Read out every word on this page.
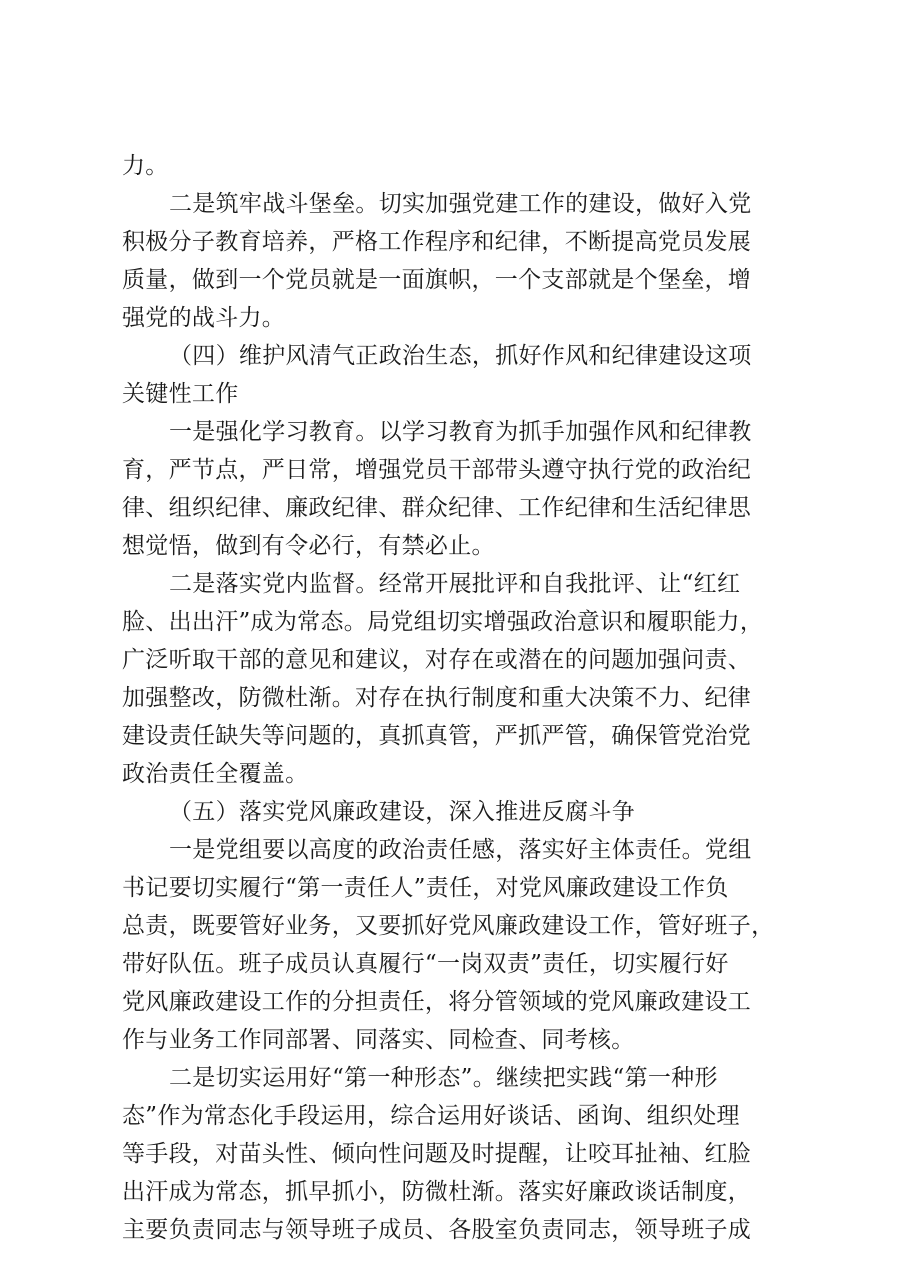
力。
二是筑牢战斗堡垒。切实加强党建工作的建设，做好入党
积极分子教育培养，严格工作程序和纪律，不断提高党员发展
质量，做到一个党员就是一面旗帜，一个支部就是个堡垒，增
强党的战斗力。
（四）维护风清气正政治生态，抓好作风和纪律建设这项
关键性工作
一是强化学习教育。以学习教育为抓手加强作风和纪律教
育，严节点，严日常，增强党员干部带头遵守执行党的政治纪
律、组织纪律、廉政纪律、群众纪律、工作纪律和生活纪律思
想觉悟，做到有令必行，有禁必止。
二是落实党内监督。经常开展批评和自我批评、让“红红
脸、出出汗”成为常态。局党组切实增强政治意识和履职能力，
广泛听取干部的意见和建议，对存在或潜在的问题加强问责、
加强整改，防微杜渐。对存在执行制度和重大决策不力、纪律
建设责任缺失等问题的，真抓真管，严抓严管，确保管党治党
政治责任全覆盖。
（五）落实党风廉政建设，深入推进反腐斗争
一是党组要以高度的政治责任感，落实好主体责任。党组
书记要切实履行“第一责任人”责任，对党风廉政建设工作负
总责，既要管好业务，又要抓好党风廉政建设工作，管好班子，
带好队伍。班子成员认真履行“一岗双责”责任，切实履行好
党风廉政建设工作的分担责任，将分管领域的党风廉政建设工
作与业务工作同部署、同落实、同检查、同考核。
二是切实运用好“第一种形态”。继续把实践“第一种形
态”作为常态化手段运用，综合运用好谈话、函询、组织处理
等手段，对苗头性、倾向性问题及时提醒，让咬耳扯袖、红脸
出汗成为常态，抓早抓小，防微杜渐。落实好廉政谈话制度，
主要负责同志与领导班子成员、各股室负责同志，领导班子成
